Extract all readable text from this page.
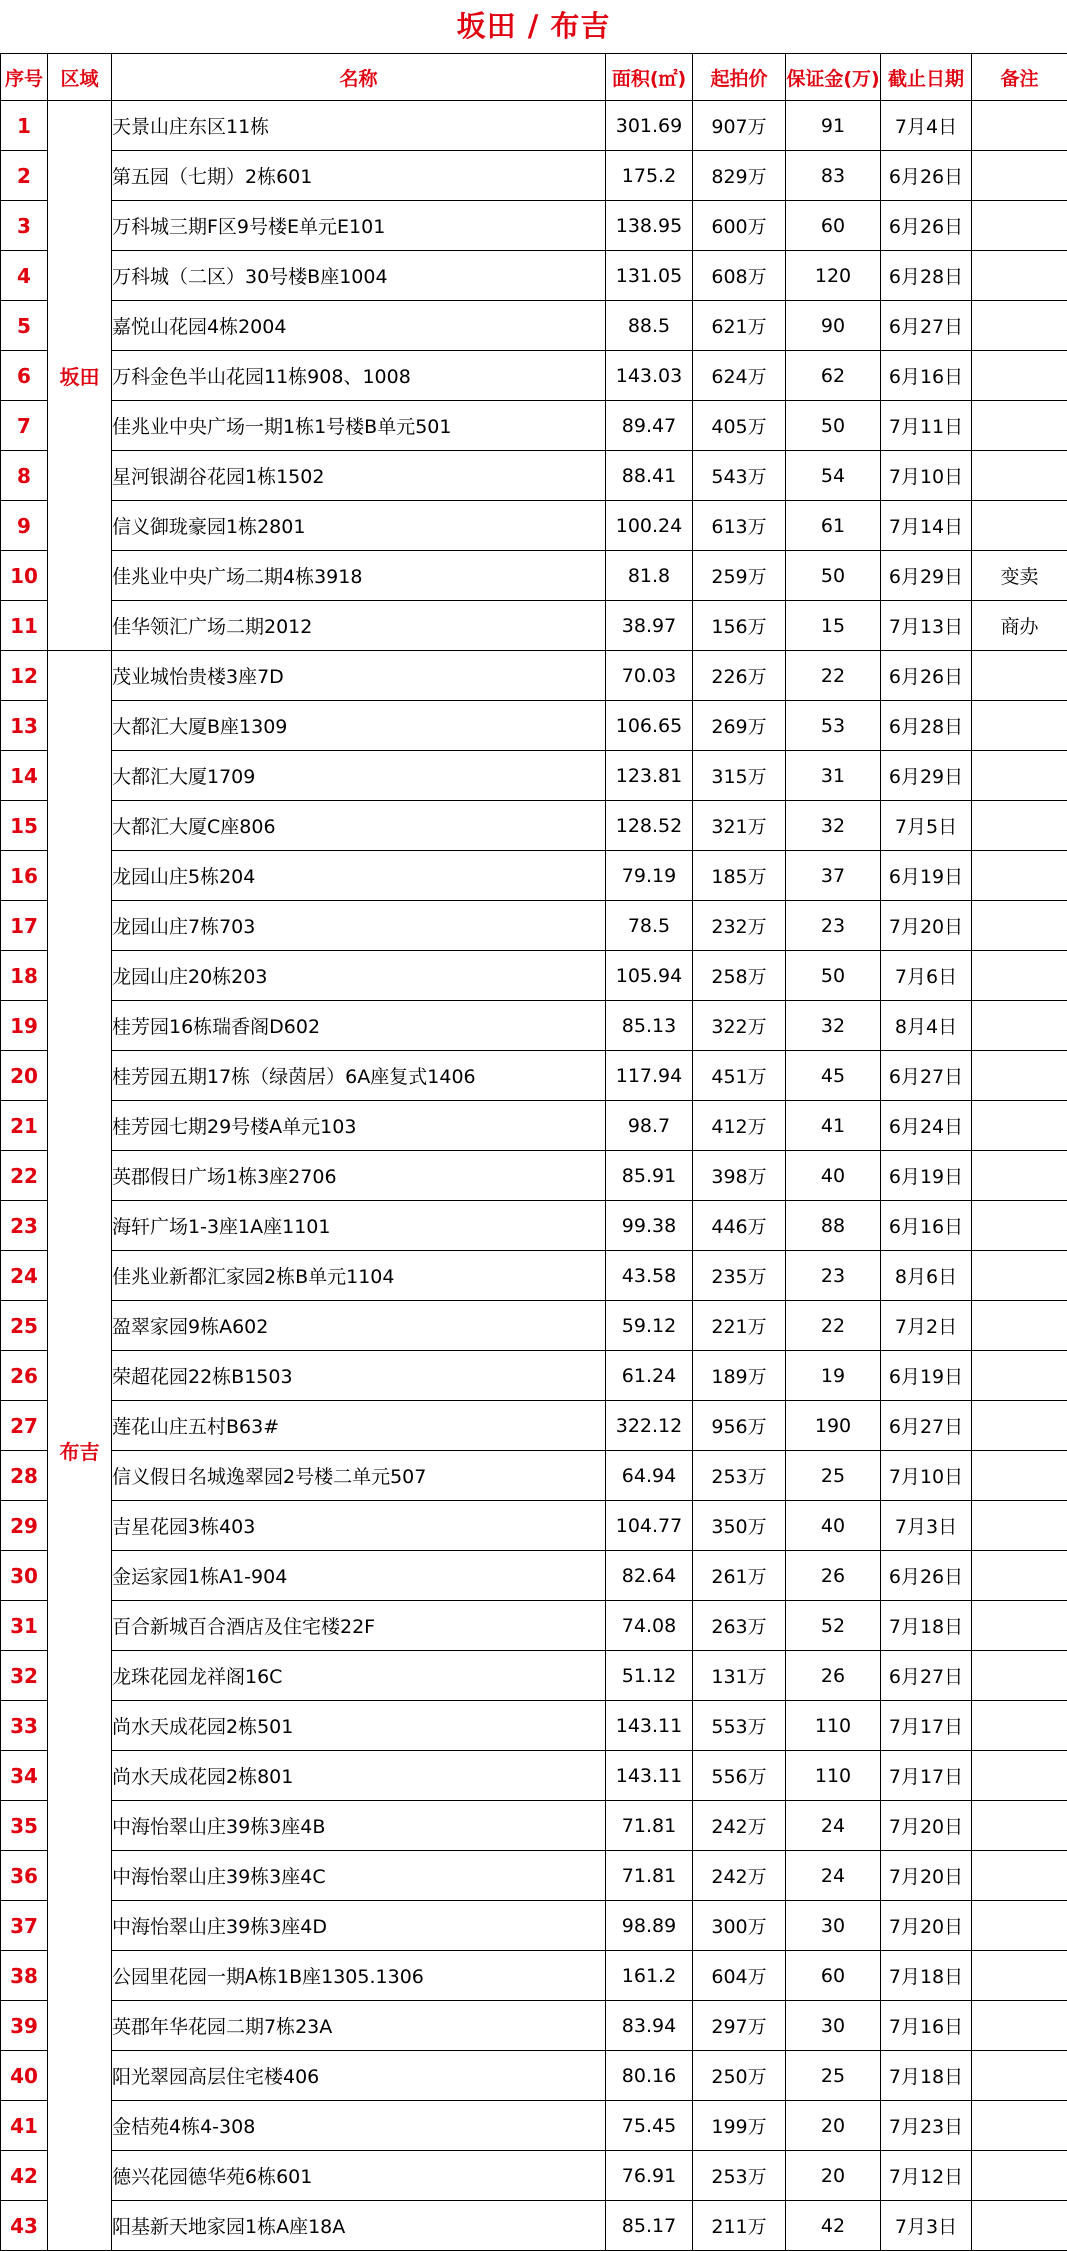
坂田 / 布吉
序号	区域	名称	面积(㎡)	起拍价	保证金(万)	截止日期	备注
1	坂田	天景山庄东区11栋	301.69	907万	91	7月4日	
2		第五园（七期）2栋601	175.2	829万	83	6月26日	
3		万科城三期F区9号楼E单元E101	138.95	600万	60	6月26日	
4		万科城（二区）30号楼B座1004	131.05	608万	120	6月28日	
5		嘉悦山花园4栋2004	88.5	621万	90	6月27日	
6		万科金色半山花园11栋908、1008	143.03	624万	62	6月16日	
7		佳兆业中央广场一期1栋1号楼B单元501	89.47	405万	50	7月11日	
8		星河银湖谷花园1栋1502	88.41	543万	54	7月10日	
9		信义御珑豪园1栋2801	100.24	613万	61	7月14日	
10		佳兆业中央广场二期4栋3918	81.8	259万	50	6月29日	变卖
11		佳华领汇广场二期2012	38.97	156万	15	7月13日	商办
12	布吉	茂业城怡贵楼3座7D	70.03	226万	22	6月26日	
13		大都汇大厦B座1309	106.65	269万	53	6月28日	
14		大都汇大厦1709	123.81	315万	31	6月29日	
15		大都汇大厦C座806	128.52	321万	32	7月5日	
16		龙园山庄5栋204	79.19	185万	37	6月19日	
17		龙园山庄7栋703	78.5	232万	23	7月20日	
18		龙园山庄20栋203	105.94	258万	50	7月6日	
19		桂芳园16栋瑞香阁D602	85.13	322万	32	8月4日	
20		桂芳园五期17栋（绿茵居）6A座复式1406	117.94	451万	45	6月27日	
21		桂芳园七期29号楼A单元103	98.7	412万	41	6月24日	
22		英郡假日广场1栋3座2706	85.91	398万	40	6月19日	
23		海轩广场1-3座1A座1101	99.38	446万	88	6月16日	
24		佳兆业新都汇家园2栋B单元1104	43.58	235万	23	8月6日	
25		盈翠家园9栋A602	59.12	221万	22	7月2日	
26		荣超花园22栋B1503	61.24	189万	19	6月19日	
27		莲花山庄五村B63#	322.12	956万	190	6月27日	
28		信义假日名城逸翠园2号楼二单元507	64.94	253万	25	7月10日	
29		吉星花园3栋403	104.77	350万	40	7月3日	
30		金运家园1栋A1-904	82.64	261万	26	6月26日	
31		百合新城百合酒店及住宅楼22F	74.08	263万	52	7月18日	
32		龙珠花园龙祥阁16C	51.12	131万	26	6月27日	
33		尚水天成花园2栋501	143.11	553万	110	7月17日	
34		尚水天成花园2栋801	143.11	556万	110	7月17日	
35		中海怡翠山庄39栋3座4B	71.81	242万	24	7月20日	
36		中海怡翠山庄39栋3座4C	71.81	242万	24	7月20日	
37		中海怡翠山庄39栋3座4D	98.89	300万	30	7月20日	
38		公园里花园一期A栋1B座1305.1306	161.2	604万	60	7月18日	
39		英郡年华花园二期7栋23A	83.94	297万	30	7月16日	
40		阳光翠园高层住宅楼406	80.16	250万	25	7月18日	
41		金桔苑4栋4-308	75.45	199万	20	7月23日	
42		德兴花园德华苑6栋601	76.91	253万	20	7月12日	
43		阳基新天地家园1栋A座18A	85.17	211万	42	7月3日	
